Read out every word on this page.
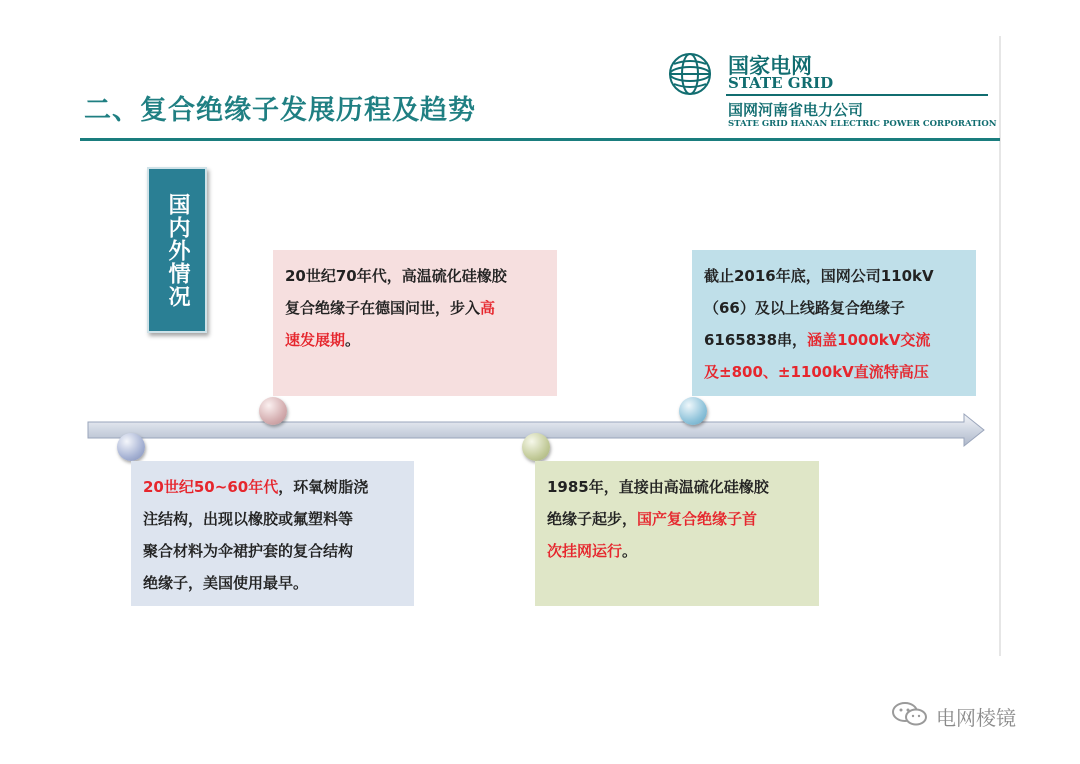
二、复合绝缘子发展历程及趋势
国家电网
STATE GRID
国网河南省电力公司
STATE GRID HANAN ELECTRIC POWER CORPORATION
国内外情况	20世纪70年代，高温硫化硅橡胶
复合绝缘子在德国问世，步入高
速发展期。
截止2016年底，国网公司110kV
（66）及以上线路复合绝缘子
6165838串，涵盖1000kV交流
及±800、±1100kV直流特高压
20世纪50~60年代，环氧树脂浇
注结构，出现以橡胶或氟塑料等
聚合材料为伞裙护套的复合结构
绝缘子，美国使用最早。
1985年，直接由高温硫化硅橡胶
绝缘子起步，国产复合绝缘子首
次挂网运行。
电网棱镜
